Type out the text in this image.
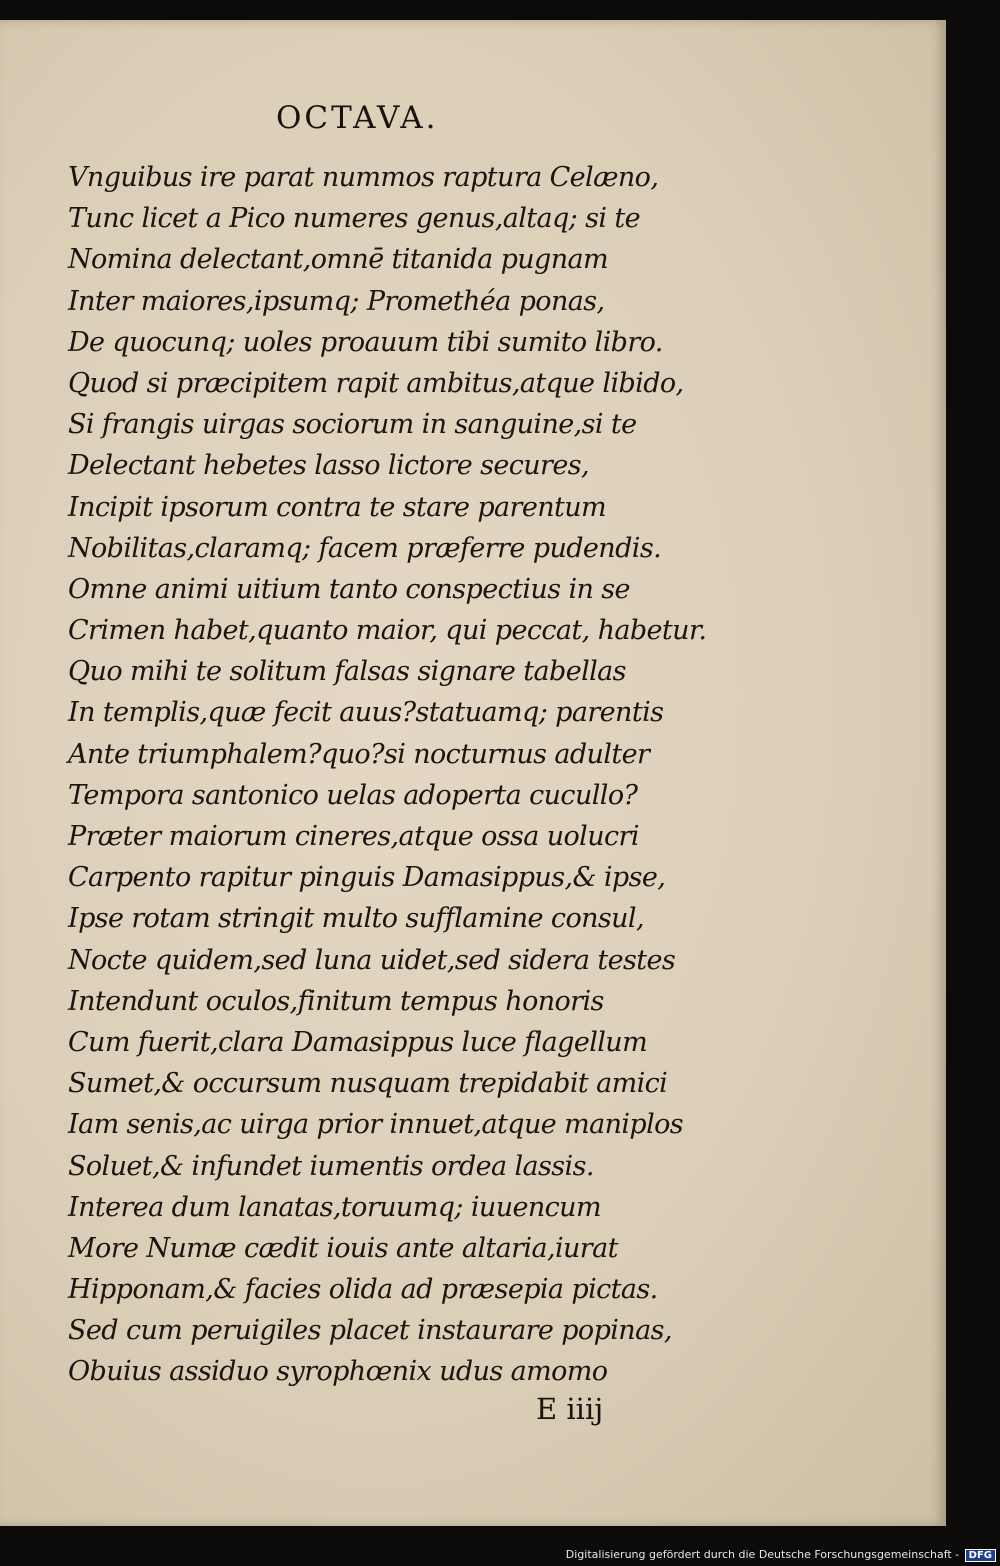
OCTAVA.
Vnguibus ire parat nummos raptura Celæno,
Tunc licet a Pico numeres genus,altaq; si te
Nomina delectant,omnē titanida pugnam
Inter maiores,ipsumq; Promethéa ponas,
De quocunq; uoles proauum tibi sumito libro.
Quod si præcipitem rapit ambitus,atque libido,
Si frangis uirgas sociorum in sanguine,si te
Delectant hebetes lasso lictore secures,
Incipit ipsorum contra te stare parentum
Nobilitas,claramq; facem præferre pudendis.
Omne animi uitium tanto conspectius in se
Crimen habet,quanto maior, qui peccat, habetur.
Quo mihi te solitum falsas signare tabellas
In templis,quæ fecit auus?statuamq; parentis
Ante triumphalem?quo?si nocturnus adulter
Tempora santonico uelas adoperta cucullo?
Præter maiorum cineres,atque ossa uolucri
Carpento rapitur pinguis Damasippus,& ipse,
Ipse rotam stringit multo sufflamine consul,
Nocte quidem,sed luna uidet,sed sidera testes
Intendunt oculos,finitum tempus honoris
Cum fuerit,clara Damasippus luce flagellum
Sumet,& occursum nusquam trepidabit amici
Iam senis,ac uirga prior innuet,atque maniplos
Soluet,& infundet iumentis ordea lassis.
Interea dum lanatas,toruumq; iuuencum
More Numæ cædit iouis ante altaria,iurat
Hipponam,& facies olida ad præsepia pictas.
Sed cum peruigiles placet instaurare popinas,
Obuius assiduo syrophœnix udus amomo
E iiij
Digitalisierung gefördert durch die Deutsche Forschungsgemeinschaft - DFG
